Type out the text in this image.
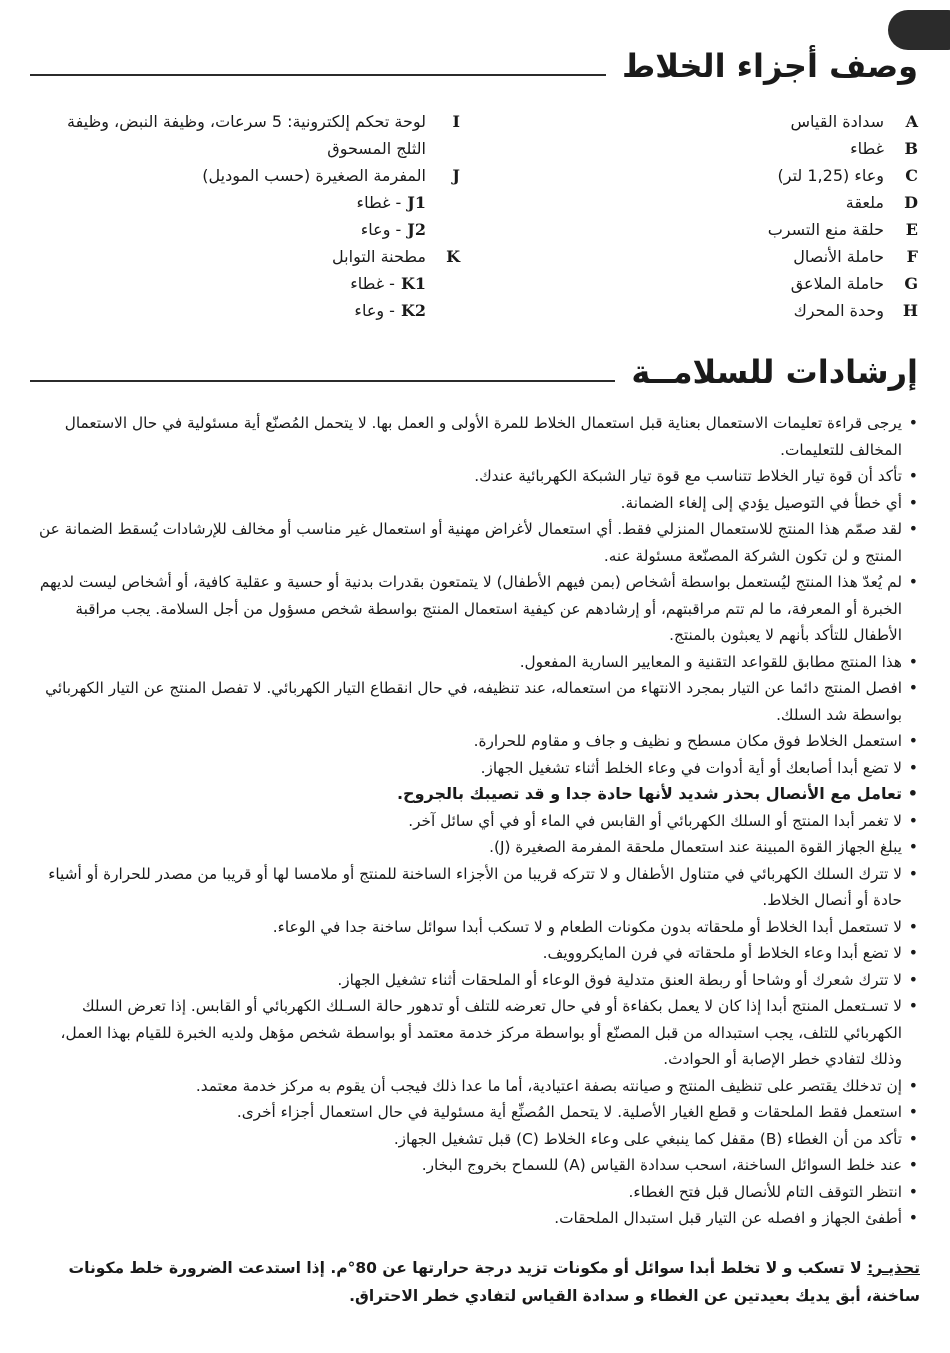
وصف أجزاء الخلاط
A
سدادة القياس
B
غطاء
C
وعاء (1,25 لتر)
D
ملعقة
E
حلقة منع التسرب
F
حاملة الأنصال
G
حاملة الملاعق
H
وحدة المحرك
I
لوحة تحكم إلكترونية: 5 سرعات، وظيفة النبض، وظيفة الثلج المسحوق
J
المفرمة الصغيرة (حسب الموديل)
J1
- غطاء
J2
- وعاء
K
مطحنة التوابل
K1
- غطاء
K2
- وعاء
إرشادات للسلامــة
• يرجى قراءة تعليمات الاستعمال بعناية قبل استعمال الخلاط للمرة الأولى و العمل بها. لا يتحمل المُصنّع أية مسئولية في حال الاستعمال المخالف للتعليمات.
• تأكد أن قوة تيار الخلاط تتناسب مع قوة تيار الشبكة الكهربائية عندك.
• أي خطأ في التوصيل يؤدي إلى إلغاء الضمانة.
• لقد صمّم هذا المنتج للاستعمال المنزلي فقط. أي استعمال لأغراض مهنية أو استعمال غير مناسب أو مخالف للإرشادات يُسقط الضمانة عن المنتج و لن تكون الشركة المصنّعة مسئولة عنه.
• لم يُعدّ هذا المنتج ليُستعمل بواسطة أشخاص (بمن فيهم الأطفال) لا يتمتعون بقدرات بدنية أو حسية و عقلية كافية، أو أشخاص ليست لديهم الخبرة أو المعرفة، ما لم تتم مراقبتهم، أو إرشادهم عن كيفية استعمال المنتج بواسطة شخص مسؤول من أجل السلامة. يجب مراقبة الأطفال للتأكد بأنهم لا يعبثون بالمنتج.
• هذا المنتج مطابق للقواعد التقنية و المعايير السارية المفعول.
• افصل المنتج دائما عن التيار بمجرد الانتهاء من استعماله، عند تنظيفه، في حال انقطاع التيار الكهربائي. لا تفصل المنتج عن التيار الكهربائي بواسطة شد السلك.
• استعمل الخلاط فوق مكان مسطح و نظيف و جاف و مقاوم للحرارة.
• لا تضع أبدا أصابعك أو أية أدوات في وعاء الخلط أثناء تشغيل الجهاز.
• تعامل مع الأنصال بحذر شديد لأنها حادة جدا و قد تصيبك بالجروح.
• لا تغمر أبدا المنتج أو السلك الكهربائي أو القابس في الماء أو في أي سائل آخر.
• يبلغ الجهاز القوة المبينة عند استعمال ملحقة المفرمة الصغيرة (J).
• لا تترك السلك الكهربائي في متناول الأطفال و لا تتركه قريبا من الأجزاء الساخنة للمنتج أو ملامسا لها أو قريبا من مصدر للحرارة أو أشياء حادة أو أنصال الخلاط.
• لا تستعمل أبدا الخلاط أو ملحقاته بدون مكونات الطعام و لا تسكب أبدا سوائل ساخنة جدا في الوعاء.
• لا تضع أبدا وعاء الخلاط أو ملحقاته في فرن المايكروويف.
• لا تترك شعرك أو وشاحا أو ربطة العنق متدلية فوق الوعاء أو الملحقات أثناء تشغيل الجهاز.
• لا تسـتعمل المنتج أبدا إذا كان لا يعمل بكفاءة أو في حال تعرضه للتلف أو تدهور حالة السـلك الكهربائي أو القابس. إذا تعرض السلك الكهربائي للتلف، يجب استبداله من قبل المصنّع أو بواسطة مركز خدمة معتمد أو بواسطة شخص مؤهل ولديه الخبرة للقيام بهذا العمل، وذلك لتفادي خطر الإصابة أو الحوادث.
• إن تدخلك يقتصر على تنظيف المنتج و صيانته بصفة اعتيادية، أما ما عدا ذلك فيجب أن يقوم به مركز خدمة معتمد.
• استعمل فقط الملحقات و قطع الغيار الأصلية. لا يتحمل المُصنِّع أية مسئولية في حال استعمال أجزاء أخرى.
• تأكد من أن الغطاء (B) مقفل كما ينبغي على وعاء الخلاط (C) قبل تشغيل الجهاز.
• عند خلط السوائل الساخنة، اسحب سدادة القياس (A) للسماح بخروج البخار.
• انتظر التوقف التام للأنصال قبل فتح الغطاء.
• أطفئ الجهاز و افصله عن التيار قبل استبدال الملحقات.

تحذيـر: لا تسكب و لا تخلط أبدا سوائل أو مكونات تزيد درجة حرارتها عن 80°م. إذا استدعت الضرورة خلط مكونات ساخنة، أبق يديك بعيدتين عن الغطاء و سدادة القياس لتفادي خطر الاحتراق.
